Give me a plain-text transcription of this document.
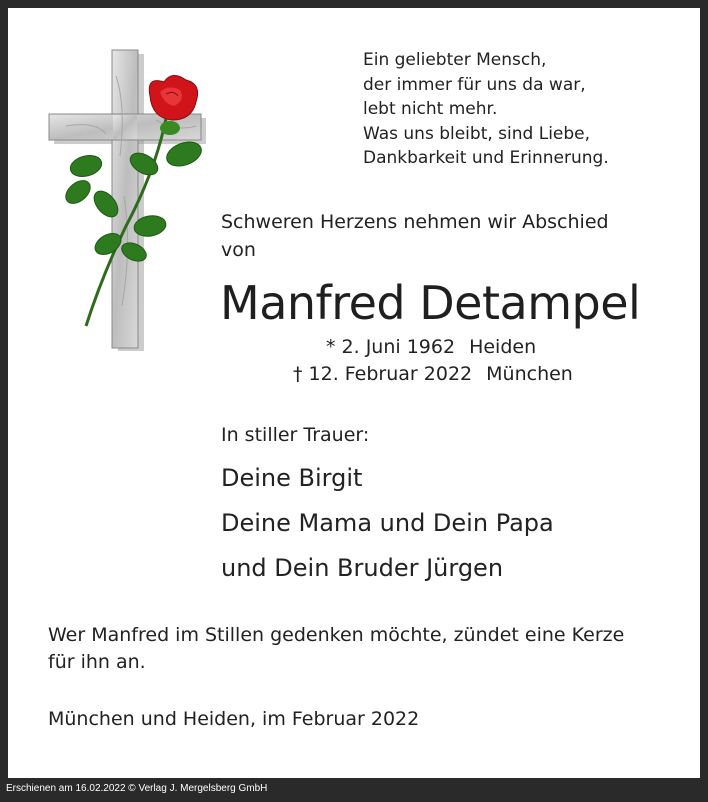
Ein geliebter Mensch,
der immer für uns da war,
lebt nicht mehr.
Was uns bleibt, sind Liebe,
Dankbarkeit und Erinnerung.
Schweren Herzens nehmen wir Abschied
von
Manfred Detampel
* 2. Juni 1962 Heiden
† 12. Februar 2022 München
In stiller Trauer:
Deine Birgit
Deine Mama und Dein Papa
und Dein Bruder Jürgen
Wer Manfred im Stillen gedenken möchte, zündet eine Kerze
für ihn an.
München und Heiden, im Februar 2022
Erschienen am 16.02.2022 © Verlag J. Mergelsberg GmbH
